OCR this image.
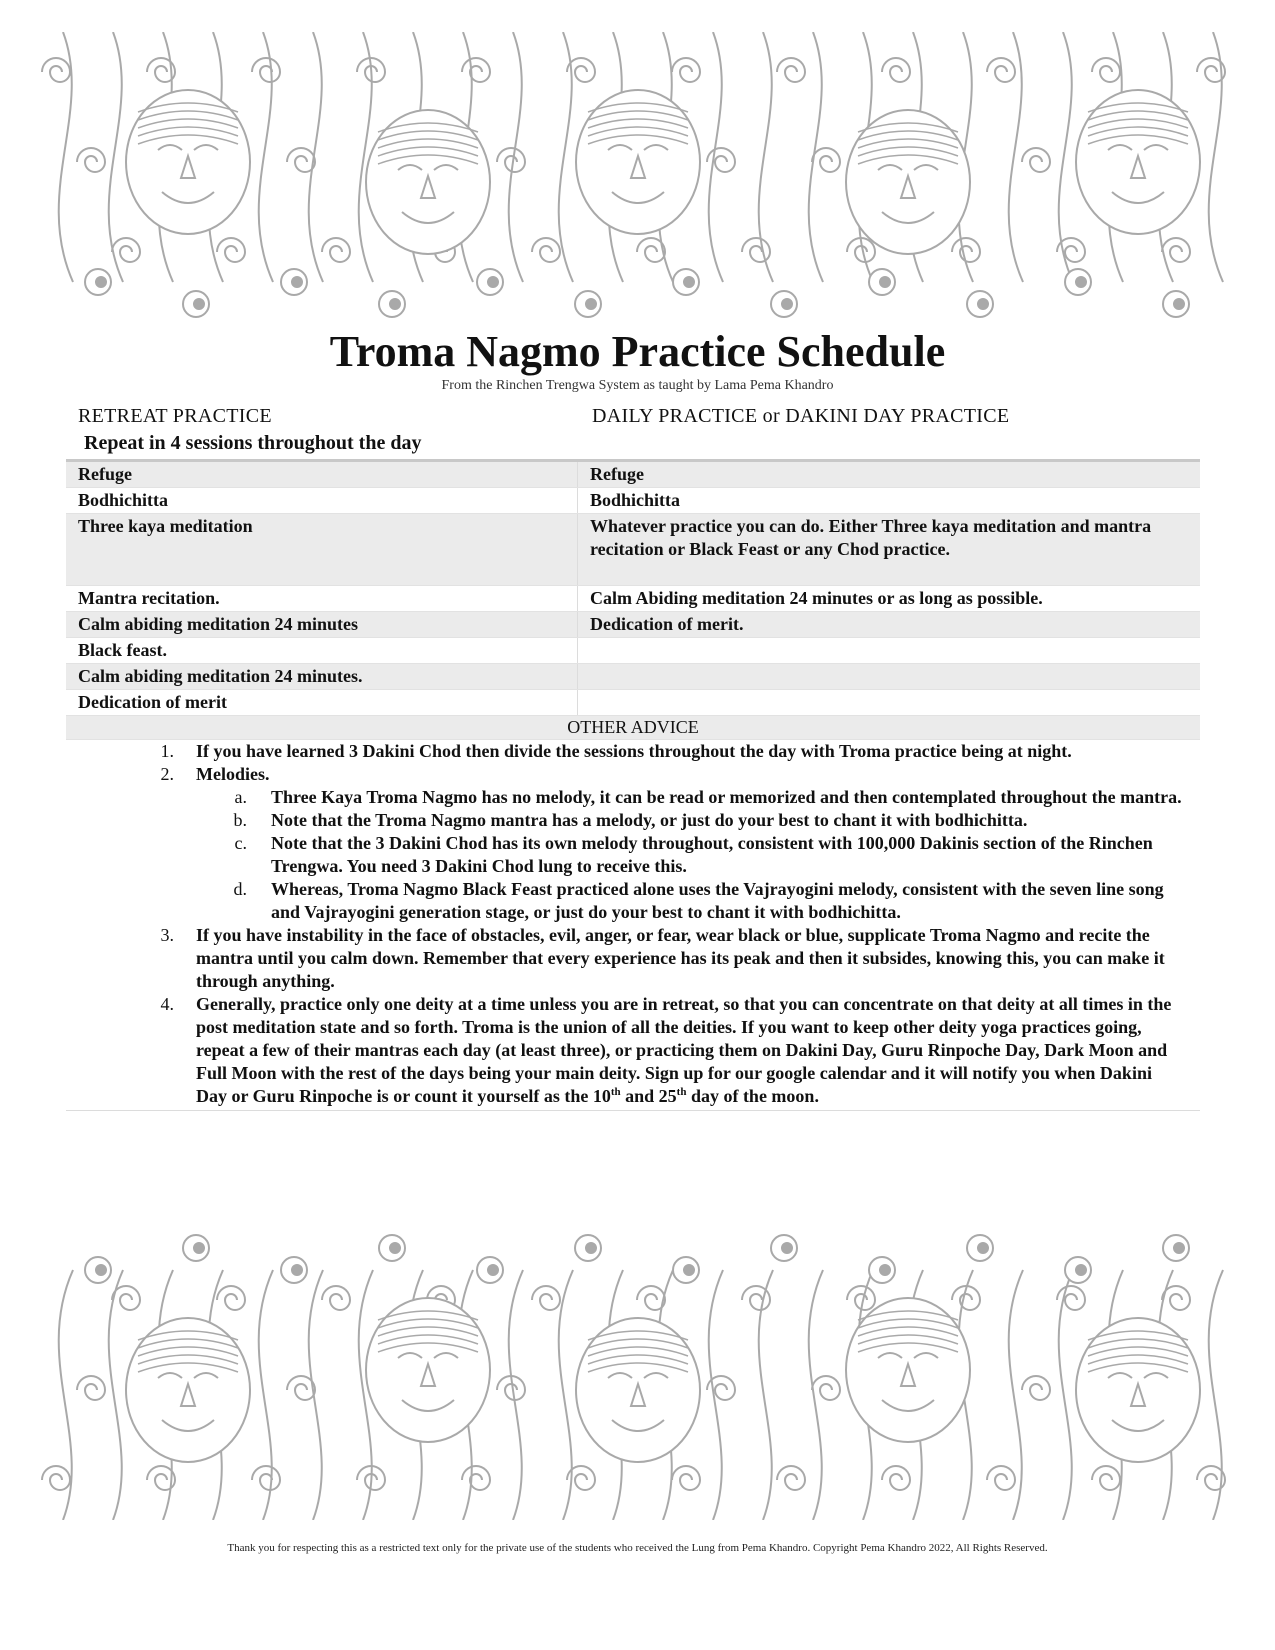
Troma Nagmo Practice Schedule
From the Rinchen Trengwa System as taught by Lama Pema Khandro
RETREAT PRACTICE	DAILY PRACTICE or DAKINI DAY PRACTICE
Repeat in 4 sessions throughout the day
Refuge	Refuge
Bodhichitta	Bodhichitta
Three kaya meditation	Whatever practice you can do. Either Three kaya meditation and mantra recitation or Black Feast or any Chod practice.
Mantra recitation.	Calm Abiding meditation 24 minutes or as long as possible.
Calm abiding meditation 24 minutes	Dedication of merit.
Black feast.
Calm abiding meditation 24 minutes.
Dedication of merit
OTHER ADVICE
1.	If you have learned 3 Dakini Chod then divide the sessions throughout the day with Troma practice being at night.
2.	Melodies.
a.	Three Kaya Troma Nagmo has no melody, it can be read or memorized and then contemplated throughout the mantra.
b.	Note that the Troma Nagmo mantra has a melody, or just do your best to chant it with bodhichitta.
c.	Note that the 3 Dakini Chod has its own melody throughout, consistent with 100,000 Dakinis section of the Rinchen Trengwa. You need 3 Dakini Chod lung to receive this.
d.	Whereas, Troma Nagmo Black Feast practiced alone uses the Vajrayogini melody, consistent with the seven line song and Vajrayogini generation stage, or just do your best to chant it with bodhichitta.
3.	If you have instability in the face of obstacles, evil, anger, or fear, wear black or blue, supplicate Troma Nagmo and recite the mantra until you calm down. Remember that every experience has its peak and then it subsides, knowing this, you can make it through anything.
4.	Generally, practice only one deity at a time unless you are in retreat, so that you can concentrate on that deity at all times in the post meditation state and so forth. Troma is the union of all the deities. If you want to keep other deity yoga practices going, repeat a few of their mantras each day (at least three), or practicing them on Dakini Day, Guru Rinpoche Day, Dark Moon and Full Moon with the rest of the days being your main deity. Sign up for our google calendar and it will notify you when Dakini Day or Guru Rinpoche is or count it yourself as the 10th and 25th day of the moon.
Thank you for respecting this as a restricted text only for the private use of the students who received the Lung from Pema Khandro. Copyright Pema Khandro 2022, All Rights Reserved.
